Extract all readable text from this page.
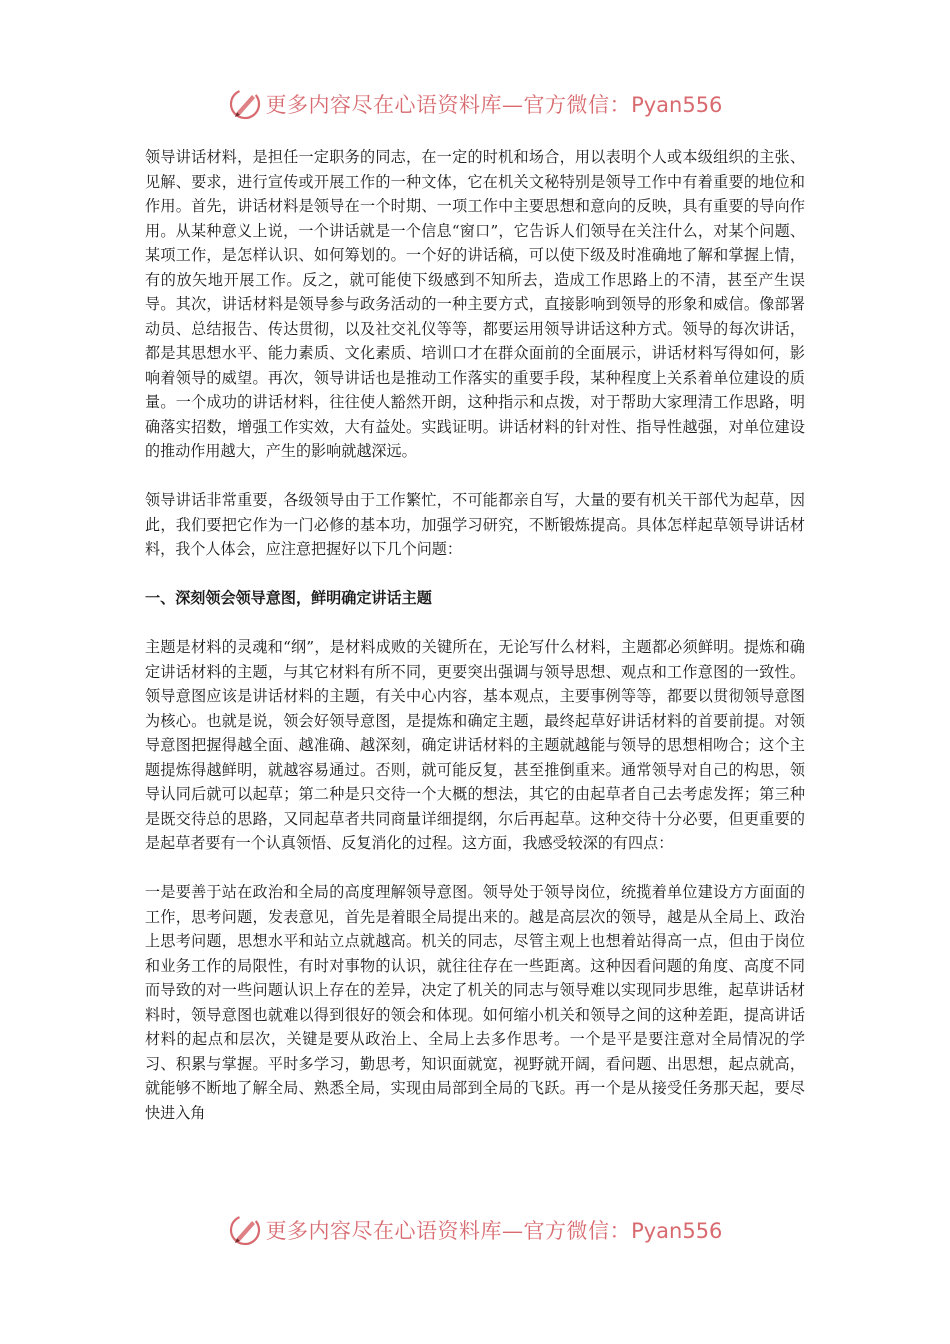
更多内容尽在心语资料库—官方微信：Pyan556

领导讲话材料，是担任一定职务的同志，在一定的时机和场合，用以表明个人或本级组织的主张、见解、要求，进行宣传或开展工作的一种文体，它在机关文秘特别是领导工作中有着重要的地位和作用。首先，讲话材料是领导在一个时期、一项工作中主要思想和意向的反映，具有重要的导向作用。从某种意义上说，一个讲话就是一个信息“窗口”，它告诉人们领导在关注什么，对某个问题、某项工作，是怎样认识、如何筹划的。一个好的讲话稿，可以使下级及时准确地了解和掌握上情，有的放矢地开展工作。反之，就可能使下级感到不知所去，造成工作思路上的不清，甚至产生误导。其次，讲话材料是领导参与政务活动的一种主要方式，直接影响到领导的形象和威信。像部署动员、总结报告、传达贯彻，以及社交礼仪等等，都要运用领导讲话这种方式。领导的每次讲话，都是其思想水平、能力素质、文化素质、培训口才在群众面前的全面展示，讲话材料写得如何，影响着领导的威望。再次，领导讲话也是推动工作落实的重要手段，某种程度上关系着单位建设的质量。一个成功的讲话材料，往往使人豁然开朗，这种指示和点拨，对于帮助大家理清工作思路，明确落实招数，增强工作实效，大有益处。实践证明。讲话材料的针对性、指导性越强，对单位建设的推动作用越大，产生的影响就越深远。

领导讲话非常重要，各级领导由于工作繁忙，不可能都亲自写，大量的要有机关干部代为起草，因此，我们要把它作为一门必修的基本功，加强学习研究，不断锻炼提高。具体怎样起草领导讲话材料，我个人体会，应注意把握好以下几个问题：

一、深刻领会领导意图，鲜明确定讲话主题

主题是材料的灵魂和“纲”，是材料成败的关键所在，无论写什么材料，主题都必须鲜明。提炼和确定讲话材料的主题，与其它材料有所不同，更要突出强调与领导思想、观点和工作意图的一致性。领导意图应该是讲话材料的主题，有关中心内容，基本观点，主要事例等等，都要以贯彻领导意图为核心。也就是说，领会好领导意图，是提炼和确定主题，最终起草好讲话材料的首要前提。对领导意图把握得越全面、越准确、越深刻，确定讲话材料的主题就越能与领导的思想相吻合；这个主题提炼得越鲜明，就越容易通过。否则，就可能反复，甚至推倒重来。通常领导对自己的构思，领导认同后就可以起草；第二种是只交待一个大概的想法，其它的由起草者自己去考虑发挥；第三种是既交待总的思路，又同起草者共同商量详细提纲，尔后再起草。这种交待十分必要，但更重要的是起草者要有一个认真领悟、反复消化的过程。这方面，我感受较深的有四点：

一是要善于站在政治和全局的高度理解领导意图。领导处于领导岗位，统揽着单位建设方方面面的工作，思考问题，发表意见，首先是着眼全局提出来的。越是高层次的领导，越是从全局上、政治上思考问题，思想水平和站立点就越高。机关的同志，尽管主观上也想着站得高一点，但由于岗位和业务工作的局限性，有时对事物的认识，就往往存在一些距离。这种因看问题的角度、高度不同而导致的对一些问题认识上存在的差异，决定了机关的同志与领导难以实现同步思维，起草讲话材料时，领导意图也就难以得到很好的领会和体现。如何缩小机关和领导之间的这种差距，提高讲话材料的起点和层次，关键是要从政治上、全局上去多作思考。一个是平是要注意对全局情况的学习、积累与掌握。平时多学习，勤思考，知识面就宽，视野就开阔，看问题、出思想，起点就高，就能够不断地了解全局、熟悉全局，实现由局部到全局的飞跃。再一个是从接受任务那天起，要尽快进入角

更多内容尽在心语资料库—官方微信：Pyan556
